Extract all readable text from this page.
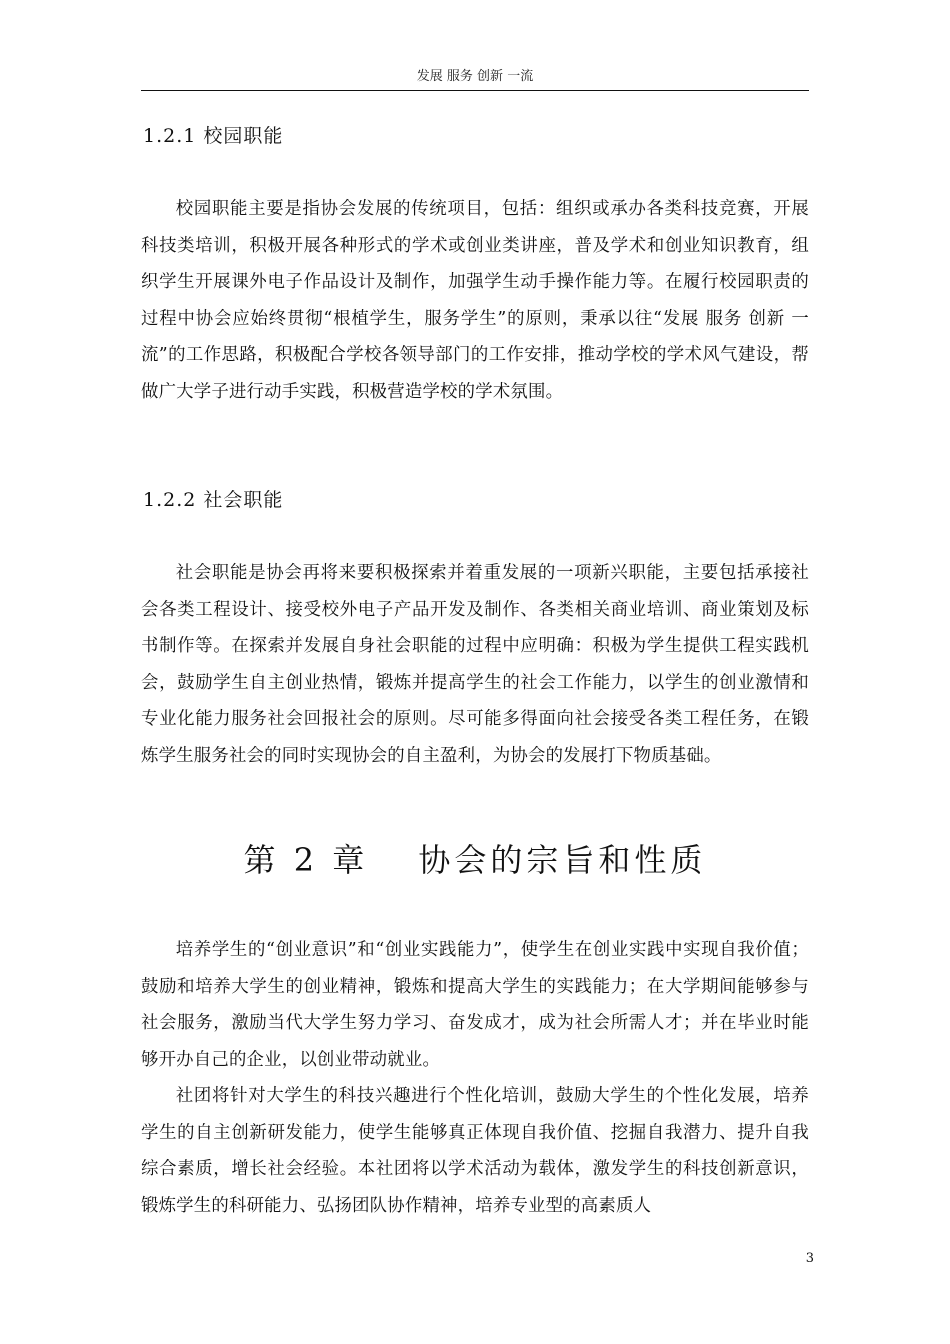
发展 服务 创新 一流
1.2.1 校园职能

校园职能主要是指协会发展的传统项目，包括：组织或承办各类科技竞赛，开展科技类培训，积极开展各种形式的学术或创业类讲座，普及学术和创业知识教育，组织学生开展课外电子作品设计及制作，加强学生动手操作能力等。在履行校园职责的过程中协会应始终贯彻“根植学生，服务学生”的原则，秉承以往“发展 服务 创新 一流”的工作思路，积极配合学校各领导部门的工作安排，推动学校的学术风气建设，帮做广大学子进行动手实践，积极营造学校的学术氛围。

1.2.2 社会职能

社会职能是协会再将来要积极探索并着重发展的一项新兴职能，主要包括承接社会各类工程设计、接受校外电子产品开发及制作、各类相关商业培训、商业策划及标书制作等。在探索并发展自身社会职能的过程中应明确：积极为学生提供工程实践机会，鼓励学生自主创业热情，锻炼并提高学生的社会工作能力，以学生的创业激情和专业化能力服务社会回报社会的原则。尽可能多得面向社会接受各类工程任务，在锻炼学生服务社会的同时实现协会的自主盈利，为协会的发展打下物质基础。

第 2 章　 协会的宗旨和性质

培养学生的“创业意识”和“创业实践能力”，使学生在创业实践中实现自我价值；鼓励和培养大学生的创业精神，锻炼和提高大学生的实践能力；在大学期间能够参与社会服务，激励当代大学生努力学习、奋发成才，成为社会所需人才；并在毕业时能够开办自己的企业，以创业带动就业。

社团将针对大学生的科技兴趣进行个性化培训，鼓励大学生的个性化发展，培养学生的自主创新研发能力，使学生能够真正体现自我价值、挖掘自我潜力、提升自我综合素质，增长社会经验。本社团将以学术活动为载体，激发学生的科技创新意识，锻炼学生的科研能力、弘扬团队协作精神，培养专业型的高素质人

3
